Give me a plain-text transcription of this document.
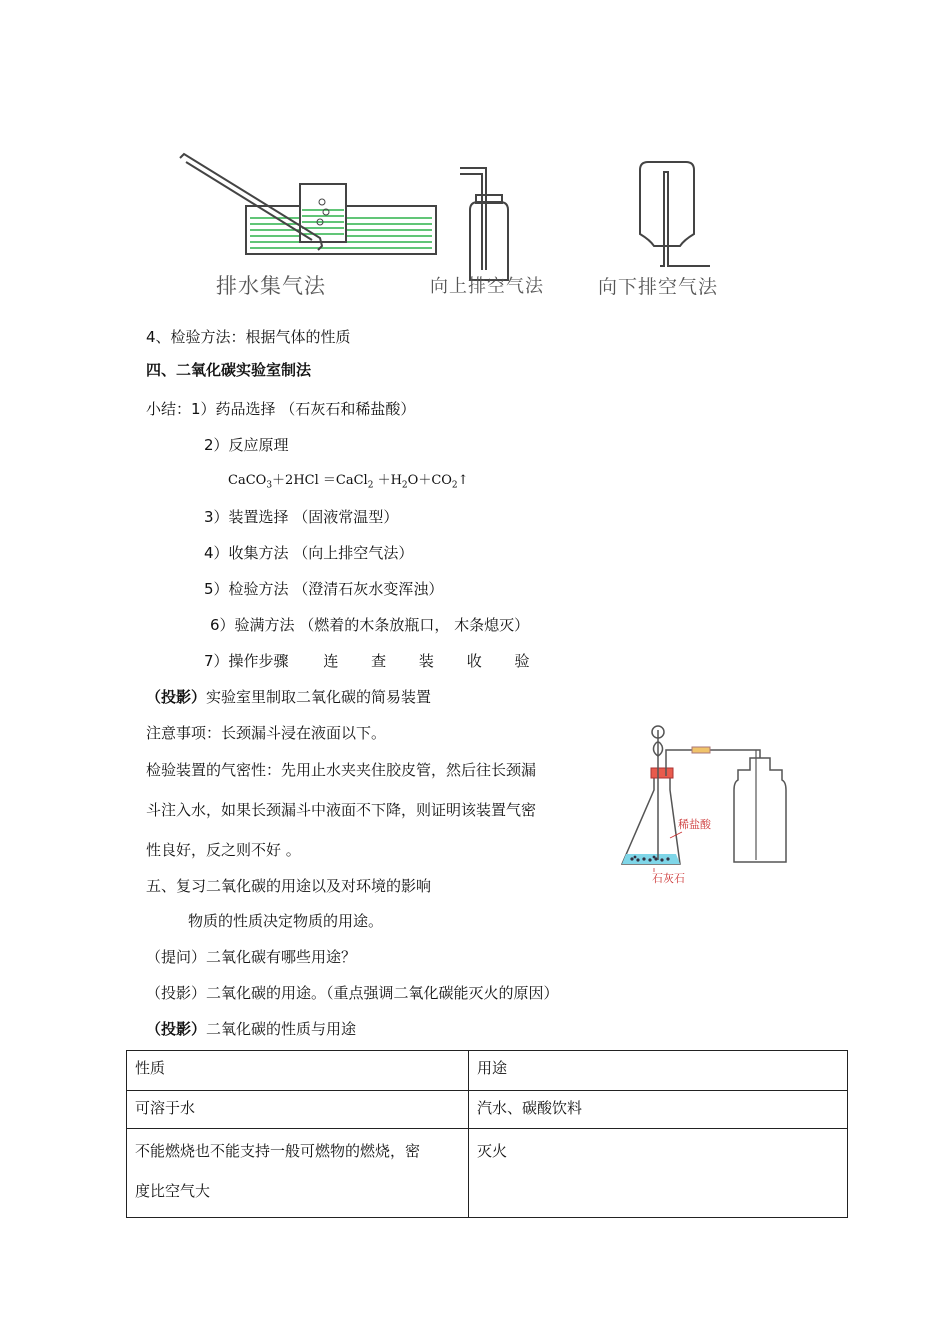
排水集气法	向上排空气法	向下排空气法
4、检验方法：根据气体的性质
四、二氧化碳实验室制法
小结：1）药品选择 （石灰石和稀盐酸）
2）反应原理
CaCO$_3$＋2HCl ＝CaCl$_2$ $+H_2O+CO_2↑$
3）装置选择 （固液常温型）
4）收集方法 （向上排空气法）
5）检验方法 （澄清石灰水变浑浊）
6）验满方法 （燃着的木条放瓶口， 木条熄灭）
7）操作步骤 连 查 装 收 验
（投影）实验室里制取二氧化碳的简易装置
注意事项：长颈漏斗浸在液面以下。
检验装置的气密性：先用止水夹夹住胶皮管，然后往长颈漏
斗注入水，如果长颈漏斗中液面不下降，则证明该装置气密
性良好，反之则不好 。
稀盐酸
石灰石
五、复习二氧化碳的用途以及对环境的影响
物质的性质决定物质的用途。
（提问）二氧化碳有哪些用途？
（投影）二氧化碳的用途。（重点强调二氧化碳能灭火的原因）
（投影）二氧化碳的性质与用途
性质	用途
可溶于水	汽水、碳酸饮料
不能燃烧也不能支持一般可燃物的燃烧，密
度比空气大	灭火
